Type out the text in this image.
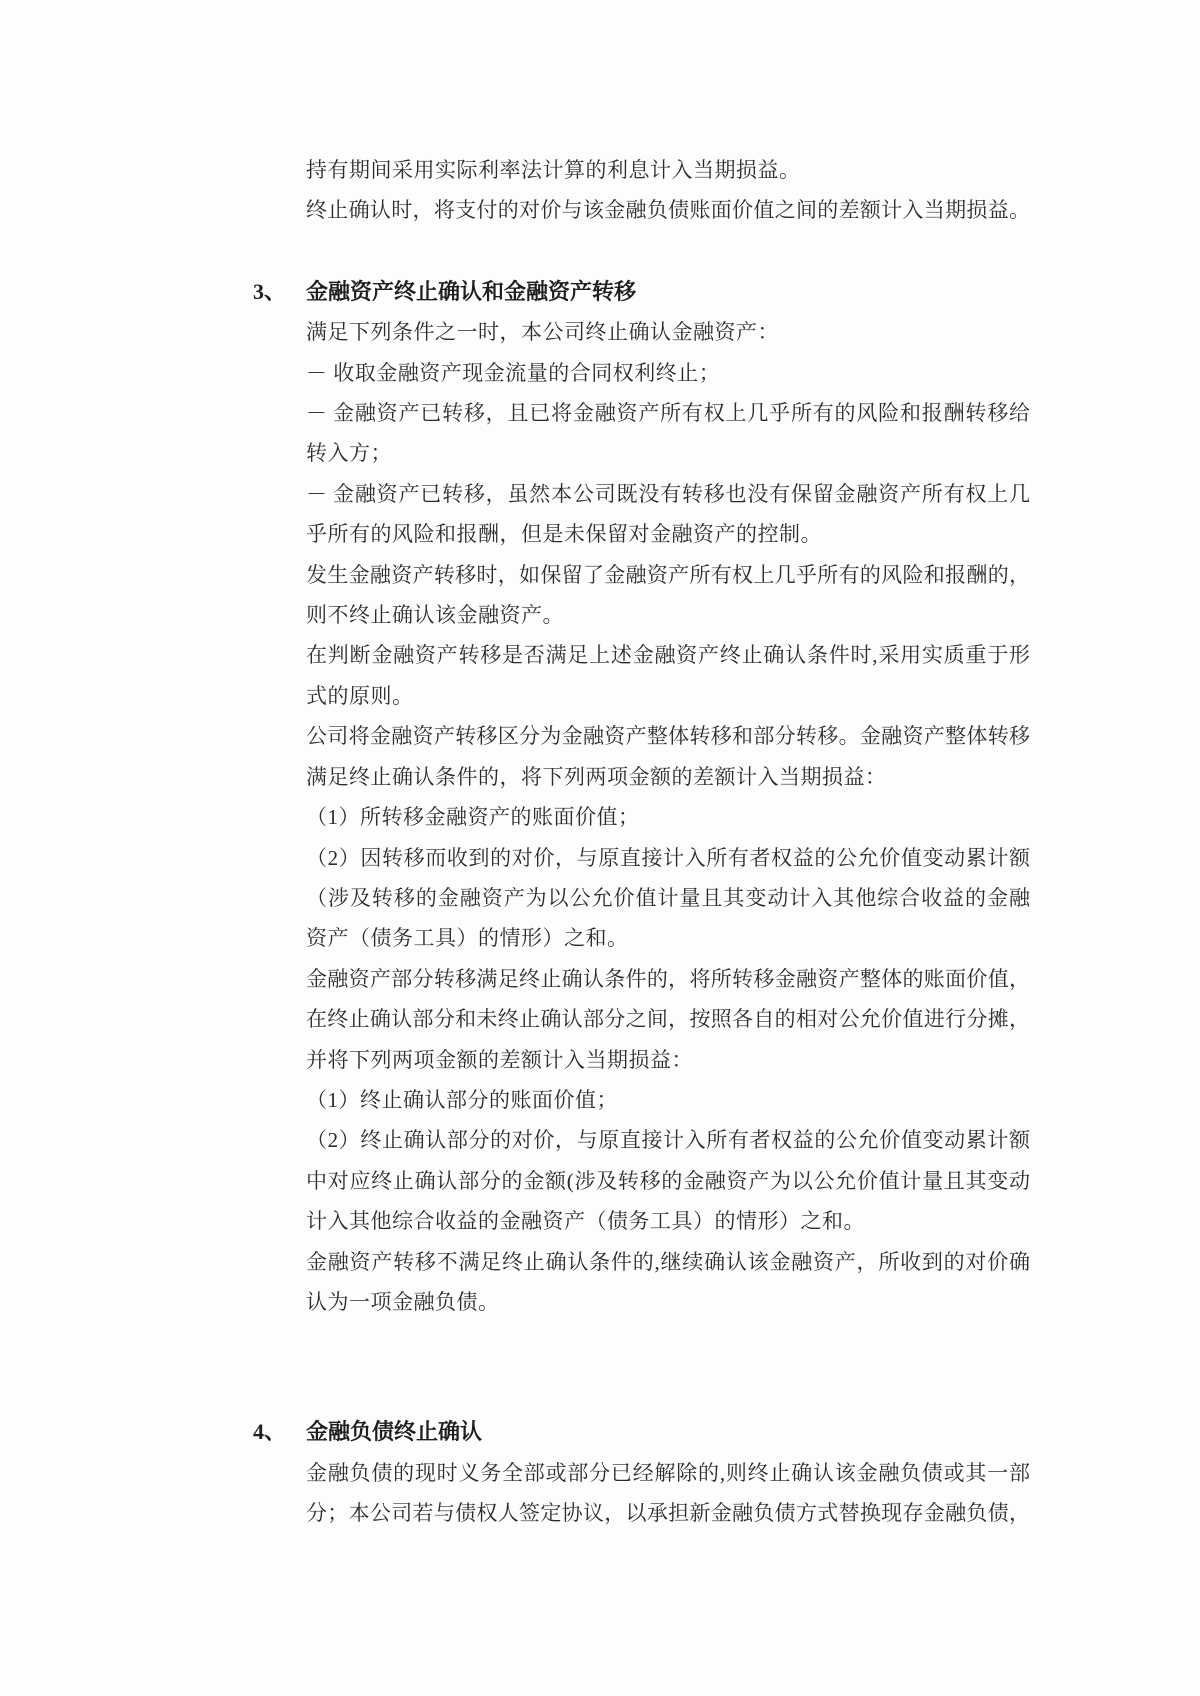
持有期间采用实际利率法计算的利息计入当期损益。
终止确认时，将支付的对价与该金融负债账面价值之间的差额计入当期损益。
3、 金融资产终止确认和金融资产转移
满足下列条件之一时，本公司终止确认金融资产：
－ 收取金融资产现金流量的合同权利终止；
－ 金融资产已转移，且已将金融资产所有权上几乎所有的风险和报酬转移给
转入方；
－ 金融资产已转移，虽然本公司既没有转移也没有保留金融资产所有权上几
乎所有的风险和报酬，但是未保留对金融资产的控制。
发生金融资产转移时，如保留了金融资产所有权上几乎所有的风险和报酬的，
则不终止确认该金融资产。
在判断金融资产转移是否满足上述金融资产终止确认条件时,采用实质重于形
式的原则。
公司将金融资产转移区分为金融资产整体转移和部分转移。金融资产整体转移
满足终止确认条件的，将下列两项金额的差额计入当期损益：
（1）所转移金融资产的账面价值；
（2）因转移而收到的对价，与原直接计入所有者权益的公允价值变动累计额
（涉及转移的金融资产为以公允价值计量且其变动计入其他综合收益的金融
资产（债务工具）的情形）之和。
金融资产部分转移满足终止确认条件的，将所转移金融资产整体的账面价值，
在终止确认部分和未终止确认部分之间，按照各自的相对公允价值进行分摊，
并将下列两项金额的差额计入当期损益：
（1）终止确认部分的账面价值；
（2）终止确认部分的对价，与原直接计入所有者权益的公允价值变动累计额
中对应终止确认部分的金额(涉及转移的金融资产为以公允价值计量且其变动
计入其他综合收益的金融资产（债务工具）的情形）之和。
金融资产转移不满足终止确认条件的,继续确认该金融资产，所收到的对价确
认为一项金融负债。
4、 金融负债终止确认
金融负债的现时义务全部或部分已经解除的,则终止确认该金融负债或其一部
分；本公司若与债权人签定协议，以承担新金融负债方式替换现存金融负债，
